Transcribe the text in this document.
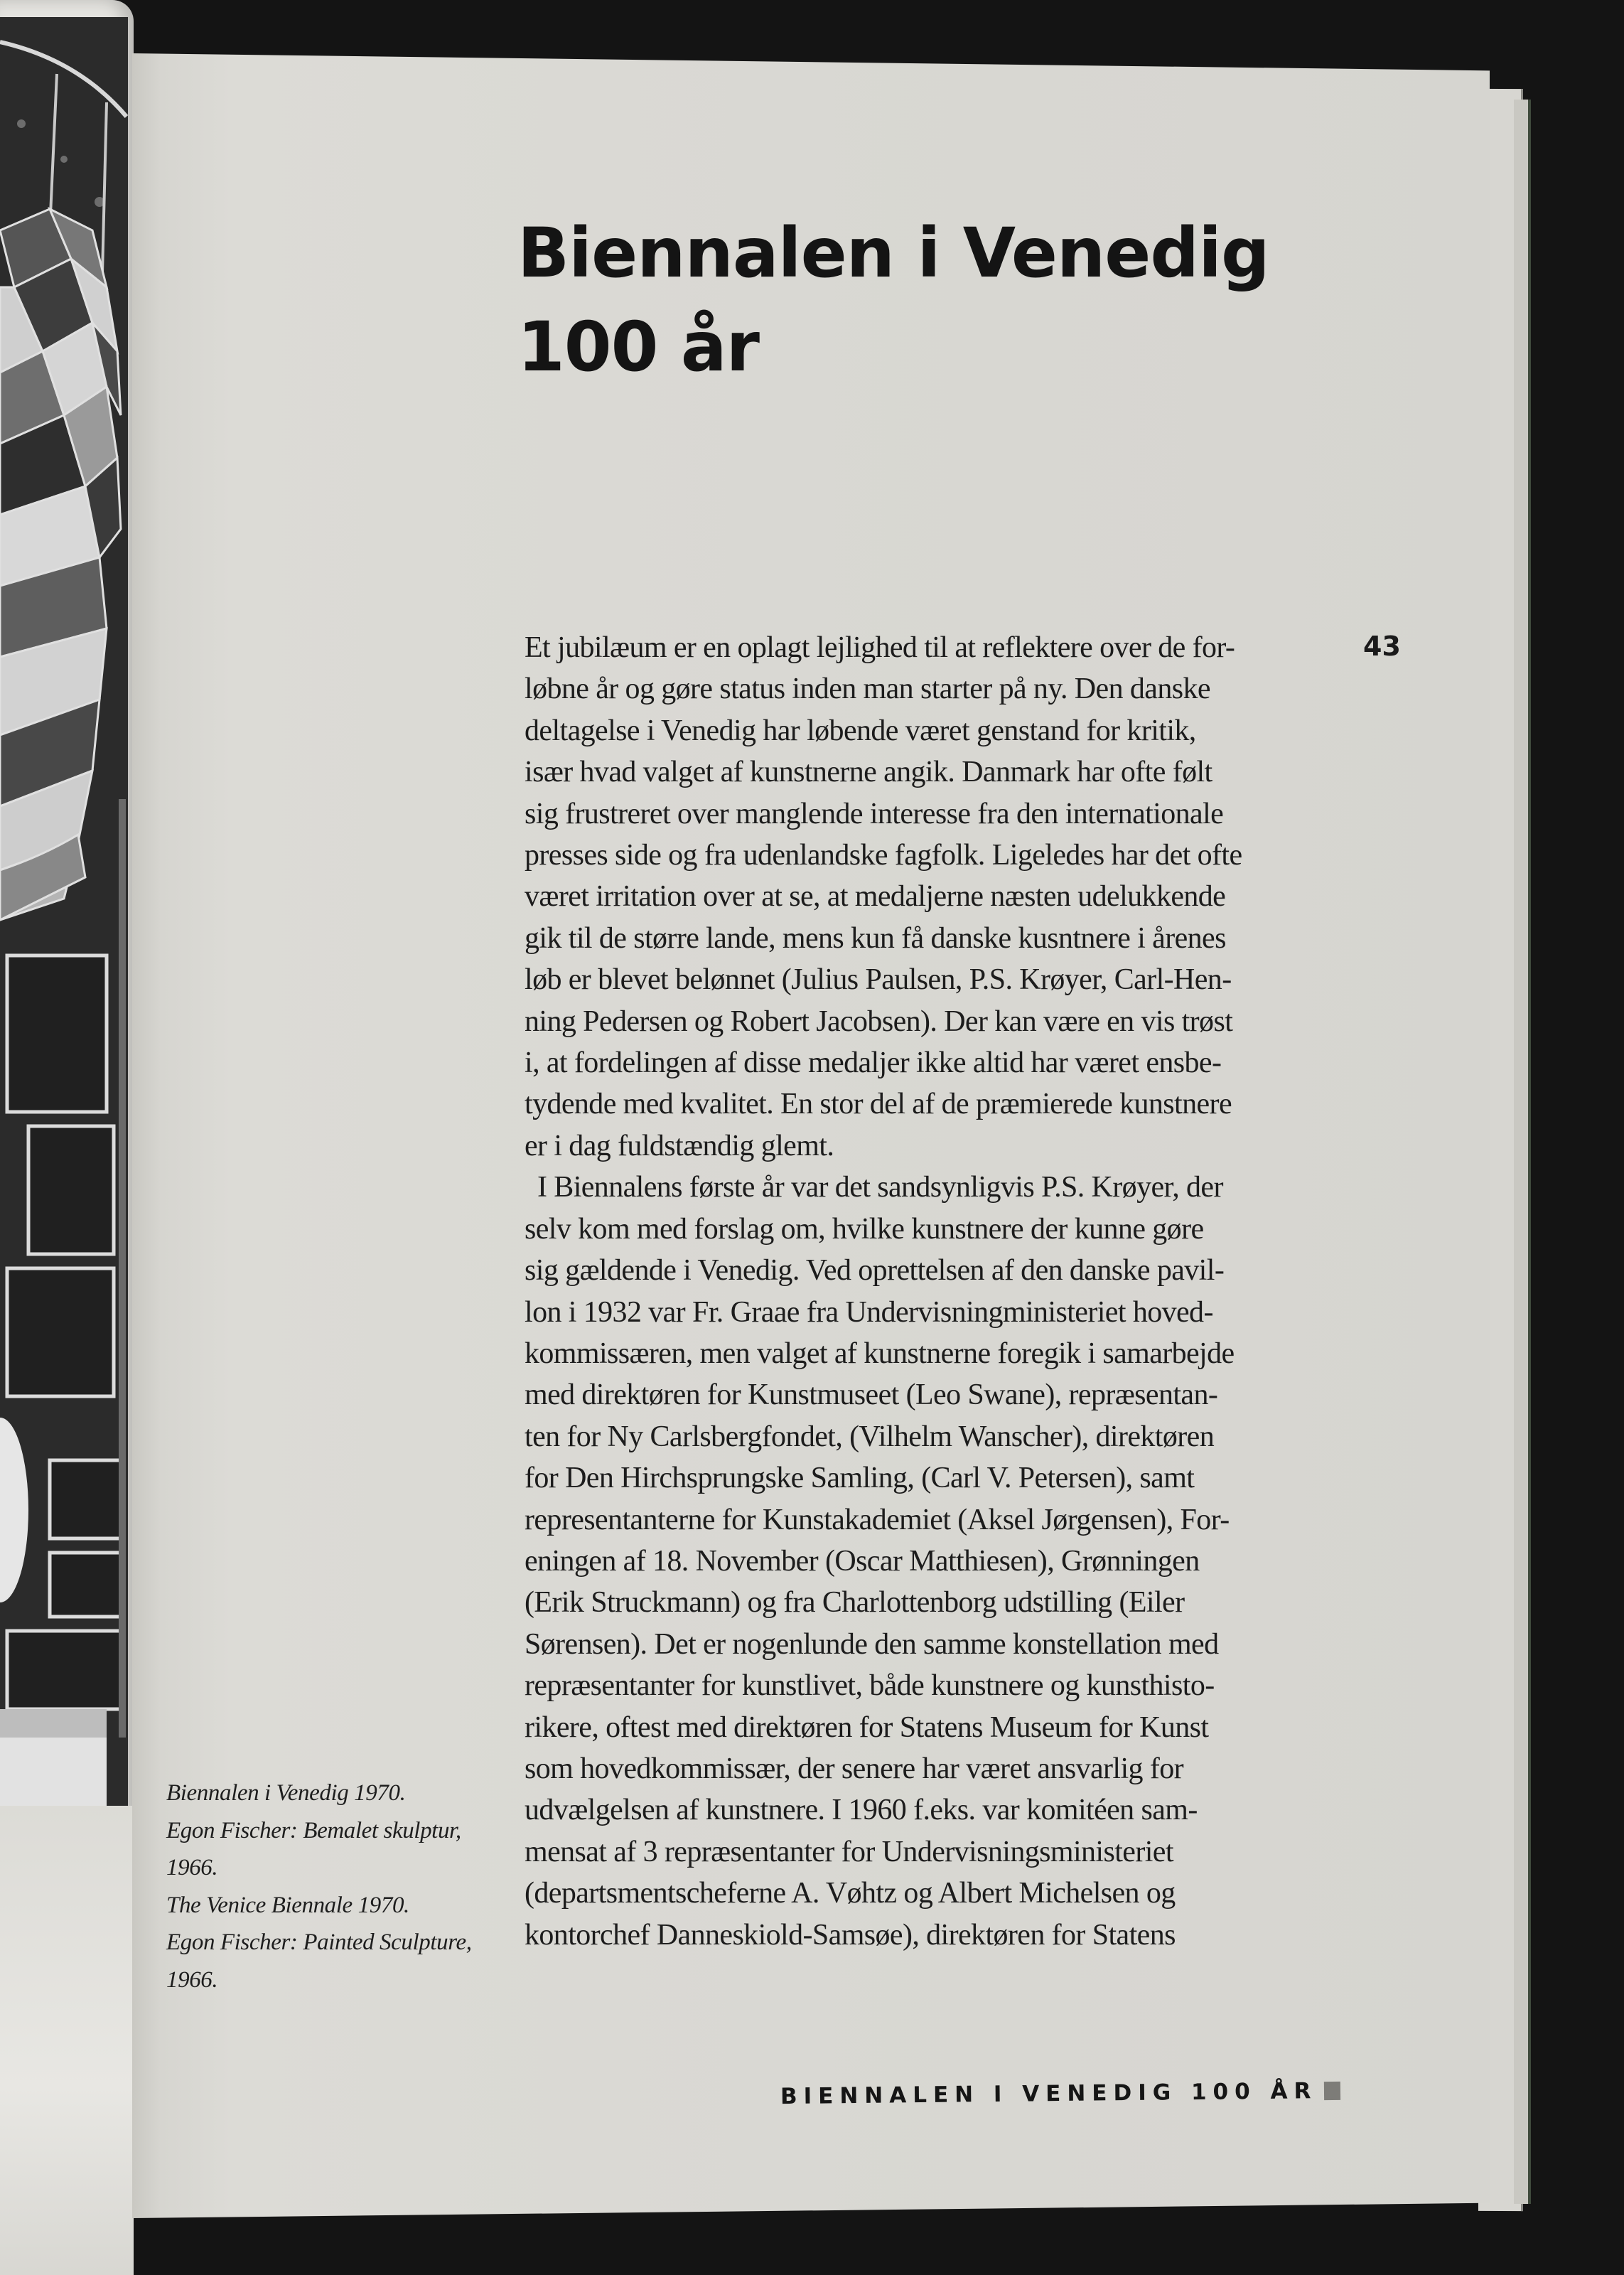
Biennalen i Venedig
100 år
43
Et jubilæum er en oplagt lejlighed til at reflektere over de for-
løbne år og gøre status inden man starter på ny. Den danske
deltagelse i Venedig har løbende været genstand for kritik,
især hvad valget af kunstnerne angik. Danmark har ofte følt
sig frustreret over manglende interesse fra den internationale
presses side og fra udenlandske fagfolk. Ligeledes har det ofte
været irritation over at se, at medaljerne næsten udelukkende
gik til de større lande, mens kun få danske kusntnere i årenes
løb er blevet belønnet (Julius Paulsen, P.S. Krøyer, Carl-Hen-
ning Pedersen og Robert Jacobsen). Der kan være en vis trøst
i, at fordelingen af disse medaljer ikke altid har været ensbe-
tydende med kvalitet. En stor del af de præmierede kunstnere
er i dag fuldstændig glemt.
I Biennalens første år var det sandsynligvis P.S. Krøyer, der
selv kom med forslag om, hvilke kunstnere der kunne gøre
sig gældende i Venedig. Ved oprettelsen af den danske pavil-
lon i 1932 var Fr. Graae fra Undervisningministeriet hoved-
kommissæren, men valget af kunstnerne foregik i samarbejde
med direktøren for Kunstmuseet (Leo Swane), repræsentan-
ten for Ny Carlsbergfondet, (Vilhelm Wanscher), direktøren
for Den Hirchsprungske Samling, (Carl V. Petersen), samt
representanterne for Kunstakademiet (Aksel Jørgensen), For-
eningen af 18. November (Oscar Matthiesen), Grønningen
(Erik Struckmann) og fra Charlottenborg udstilling (Eiler
Sørensen). Det er nogenlunde den samme konstellation med
repræsentanter for kunstlivet, både kunstnere og kunsthisto-
rikere, oftest med direktøren for Statens Museum for Kunst
som hovedkommissær, der senere har været ansvarlig for
udvælgelsen af kunstnere. I 1960 f.eks. var komitéen sam-
mensat af 3 repræsentanter for Undervisningsministeriet
(departsmentscheferne A. Vøhtz og Albert Michelsen og
kontorchef Danneskiold-Samsøe), direktøren for Statens
Biennalen i Venedig 1970.
Egon Fischer: Bemalet skulptur,
1966.
The Venice Biennale 1970.
Egon Fischer: Painted Sculpture,
1966.
BIENNALEN I VENEDIG 100 ÅR
